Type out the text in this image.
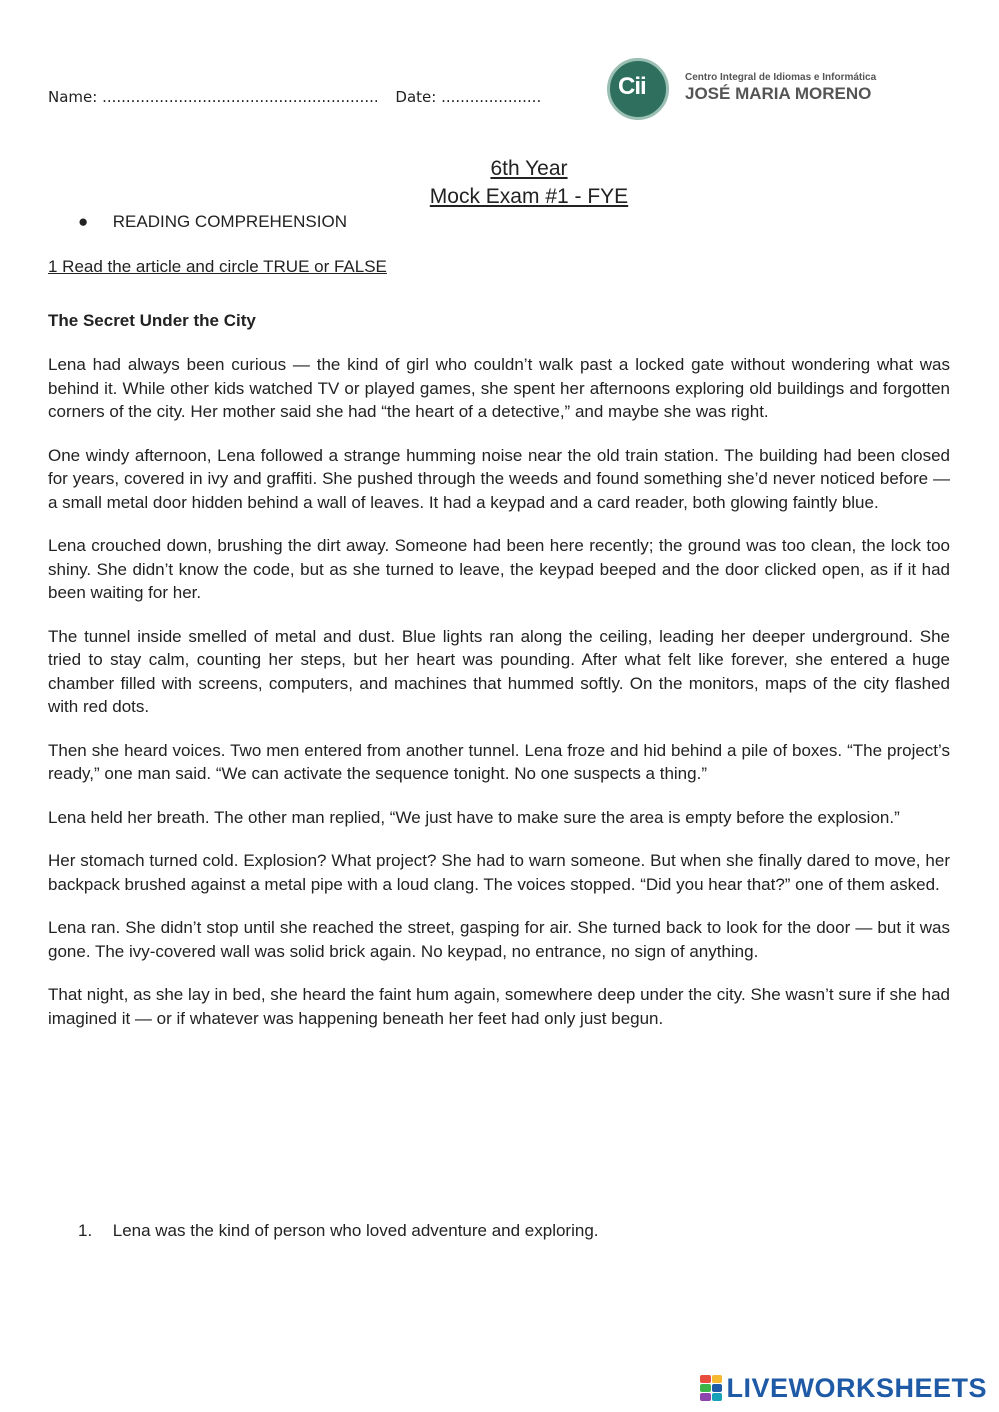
Name: .......................................................... Date: .....................	Cii	Centro Integral de Idiomas e Informática
JOSÉ MARIA MORENO
6th Year
Mock Exam #1 - FYE
● READING COMPREHENSION
1 Read the article and circle TRUE or FALSE
The Secret Under the City

Lena had always been curious — the kind of girl who couldn’t walk past a locked gate without wondering what was behind it. While other kids watched TV or played games, she spent her afternoons exploring old buildings and forgotten corners of the city. Her mother said she had “the heart of a detective,” and maybe she was right.

One windy afternoon, Lena followed a strange humming noise near the old train station. The building had been closed for years, covered in ivy and graffiti. She pushed through the weeds and found something she’d never noticed before — a small metal door hidden behind a wall of leaves. It had a keypad and a card reader, both glowing faintly blue.

Lena crouched down, brushing the dirt away. Someone had been here recently; the ground was too clean, the lock too shiny. She didn’t know the code, but as she turned to leave, the keypad beeped and the door clicked open, as if it had been waiting for her.

The tunnel inside smelled of metal and dust. Blue lights ran along the ceiling, leading her deeper underground. She tried to stay calm, counting her steps, but her heart was pounding. After what felt like forever, she entered a huge chamber filled with screens, computers, and machines that hummed softly. On the monitors, maps of the city flashed with red dots.

Then she heard voices. Two men entered from another tunnel. Lena froze and hid behind a pile of boxes. “The project’s ready,” one man said. “We can activate the sequence tonight. No one suspects a thing.”

Lena held her breath. The other man replied, “We just have to make sure the area is empty before the explosion.”

Her stomach turned cold. Explosion? What project? She had to warn someone. But when she finally dared to move, her backpack brushed against a metal pipe with a loud clang. The voices stopped. “Did you hear that?” one of them asked.

Lena ran. She didn’t stop until she reached the street, gasping for air. She turned back to look for the door — but it was gone. The ivy-covered wall was solid brick again. No keypad, no entrance, no sign of anything.

That night, as she lay in bed, she heard the faint hum again, somewhere deep under the city. She wasn’t sure if she had imagined it — or if whatever was happening beneath her feet had only just begun.

1. Lena was the kind of person who loved adventure and exploring.
LIVEWORKSHEETS
